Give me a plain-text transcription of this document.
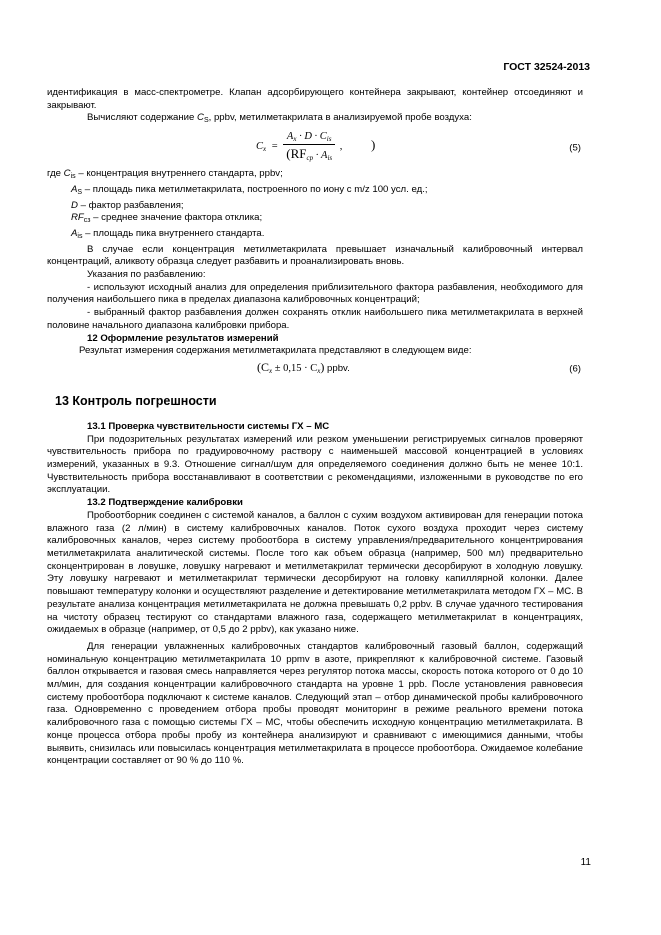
ГОСТ 32524-2013

идентификация в масс-спектрометре. Клапан адсорбирующего контейнера закрывают, контейнер отсоединяют и закрывают.

Вычисляют содержание $C_S$, ppbv, метилметакрилата в анализируемой пробе воздуха:

$C_x = \frac{A_x \cdot D \cdot C_{is}}{(RF_{ср} \cdot A_{is}}$ , )	(5)

где $C_{is}$ – концентрация внутреннего стандарта, ppbv;

$A_S$ – площадь пика метилметакрилата, построенного по иону с m/z 100 усл. ед.;

D – фактор разбавления;

$RF_{cз}$ – среднее значение фактора отклика;

$A_{is}$ – площадь пика внутреннего стандарта.

В случае если концентрация метилметакрилата превышает изначальный калибровочный интервал концентраций, аликвоту образца следует разбавить и проанализировать вновь.

Указания по разбавлению:

- используют исходный анализ для определения приблизительного фактора разбавления, необходимого для получения наибольшего пика в пределах диапазона калибровочных концентраций;

- выбранный фактор разбавления должен сохранять отклик наибольшего пика метилметакрилата в верхней половине начального диапазона калибровки прибора.

12 Оформление результатов измерений

Результат измерения содержания метилметакрилата представляют в следующем виде:

$(C_x \pm 0,15 \cdot C_x)$ ppbv.	(6)
13 Контроль погрешности

13.1 Проверка чувствительности системы ГХ – МС

При подозрительных результатах измерений или резком уменьшении регистрируемых сигналов проверяют чувствительность прибора по градуировочному раствору с наименьшей массовой концентрацией в условиях измерений, указанных в 9.3. Отношение сигнал/шум для определяемого соединения должно быть не менее 10:1. Чувствительность прибора восстанавливают в соответствии с рекомендациями, изложенными в руководстве по его эксплуатации.

13.2 Подтверждение калибровки

Пробоотборник соединен с системой каналов, а баллон с сухим воздухом активирован для генерации потока влажного газа (2 л/мин) в систему калибровочных каналов. Поток сухого воздуха проходит через систему калибровочных каналов, через систему пробоотбора в систему управления/предварительного концентрирования метилметакрилата аналитической системы. После того как объем образца (например, 500 мл) предварительно сконцентрирован в ловушке, ловушку нагревают и метилметакрилат термически десорбируют в холодную ловушку. Эту ловушку нагревают и метилметакрилат термически десорбируют на головку капиллярной колонки. Далее повышают температуру колонки и осуществляют разделение и детектирование метилметакрилата методом ГХ – МС. В результате анализа концентрация метилметакрилата не должна превышать 0,2 ppbv. В случае удачного тестирования на чистоту образец тестируют со стандартами влажного газа, содержащего метилметакрилат в концентрациях, ожидаемых в образце (например, от 0,5 до 2 ppbv), как указано ниже.

Для генерации увлажненных калибровочных стандартов калибровочный газовый баллон, содержащий номинальную концентрацию метилметакрилата 10 ppmv в азоте, прикрепляют к калибровочной системе. Газовый баллон открывается и газовая смесь направляется через регулятор потока массы, скорость потока которого от 0 до 10 мл/мин, для создания концентрации калибровочного стандарта на уровне 1 ppb. После установления равновесия систему пробоотбора подключают к системе каналов. Следующий этап – отбор динамической пробы калибровочного газа. Одновременно с проведением отбора пробы проводят мониторинг в режиме реального времени потока калибровочного газа с помощью системы ГХ – МС, чтобы обеспечить исходную концентрацию метилметакрилата. В конце процесса отбора пробы пробу из контейнера анализируют и сравнивают с имеющимися данными, чтобы выявить, снизилась или повысилась концентрация метилметакрилата в процессе пробоотбора. Ожидаемое колебание концентрации составляет от 90 % до 110 %.

11
